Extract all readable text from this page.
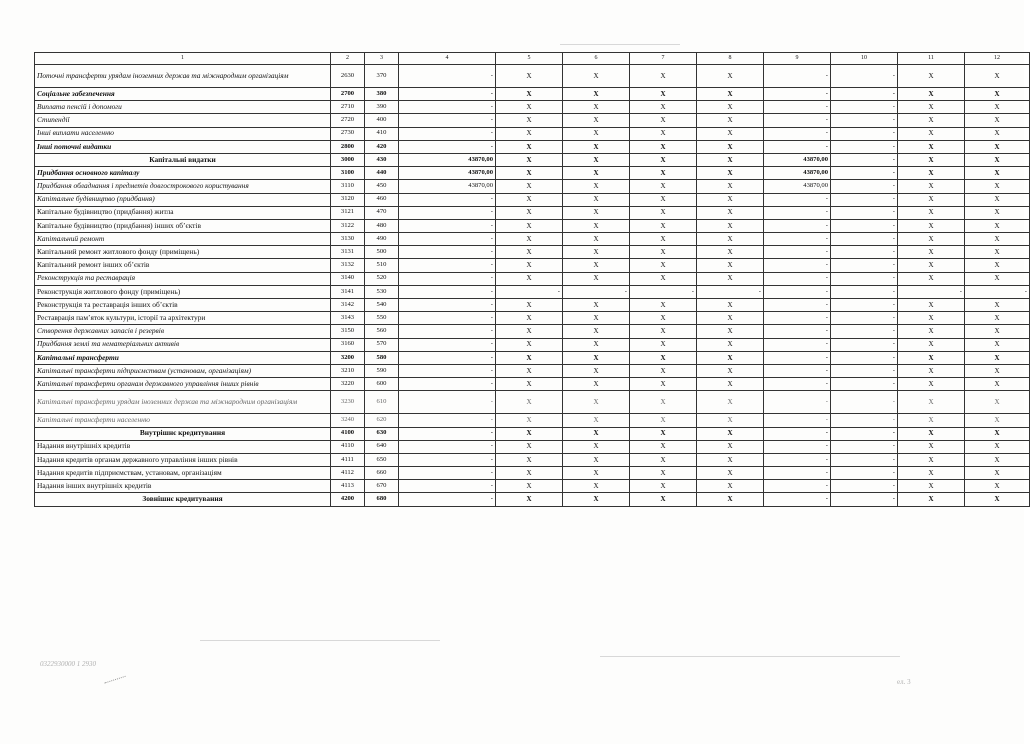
1	2	3	4	5	6	7	8	9	10	11	12
Поточні трансферти урядам іноземних держав та міжнародним організаціям	2630	370	-	X	X	X	X	-	-	X	X
Соціальне забезпечення	2700	380	-	X	X	X	X	-	-	X	X
Виплата пенсій і допомоги	2710	390	-	X	X	X	X	-	-	X	X
Стипендії	2720	400	-	X	X	X	X	-	-	X	X
Інші виплати населенню	2730	410	-	X	X	X	X	-	-	X	X
Інші поточні видатки	2800	420	-	X	X	X	X	-	-	X	X
Капітальні видатки	3000	430	43870,00	X	X	X	X	43870,00	-	X	X
Придбання основного капіталу	3100	440	43870,00	X	X	X	X	43870,00	-	X	X
Придбання обладнання і предметів довгострокового користування	3110	450	43870,00	X	X	X	X	43870,00	-	X	X
Капітальне будівництво (придбання)	3120	460	-	X	X	X	X	-	-	X	X
Капітальне будівництво (придбання) житла	3121	470	-	X	X	X	X	-	-	X	X
Капітальне будівництво (придбання) інших об’єктів	3122	480	-	X	X	X	X	-	-	X	X
Капітальний ремонт	3130	490	-	X	X	X	X	-	-	X	X
Капітальний ремонт житлового фонду (приміщень)	3131	500	-	X	X	X	X	-	-	X	X
Капітальний ремонт інших об’єктів	3132	510	-	X	X	X	X	-	-	X	X
Реконструкція та реставрація	3140	520	-	X	X	X	X	-	-	X	X
Реконструкція житлового фонду (приміщень)	3141	530	-	-	-	-	-	-	-	-	-
Реконструкція та реставрація інших об’єктів	3142	540	-	X	X	X	X	-	-	X	X
Реставрація пам’яток культури, історії та архітектури	3143	550	-	X	X	X	X	-	-	X	X
Створення державних запасів і резервів	3150	560	-	X	X	X	X	-	-	X	X
Придбання землі та нематеріальних активів	3160	570	-	X	X	X	X	-	-	X	X
Капітальні трансферти	3200	580	-	X	X	X	X	-	-	X	X
Капітальні трансферти підприємствам (установам, організаціям)	3210	590	-	X	X	X	X	-	-	X	X
Капітальні трансферти органам державного управління інших рівнів	3220	600	-	X	X	X	X	-	-	X	X
Капітальні трансферти урядам іноземних держав та міжнародним організаціям	3230	610	-	X	X	X	X	-	-	X	X
Капітальні трансферти населенню	3240	620	-	X	X	X	X	-	-	X	X
Внутрішнє кредитування	4100	630	-	X	X	X	X	-	-	X	X
Надання внутрішніх кредитів	4110	640	-	X	X	X	X	-	-	X	X
Надання кредитів органам державного управління інших рівнів	4111	650	-	X	X	X	X	-	-	X	X
Надання кредитів підприємствам, установам, організаціям	4112	660	-	X	X	X	X	-	-	X	X
Надання інших внутрішніх кредитів	4113	670	-	X	X	X	X	-	-	X	X
Зовнішнє кредитування	4200	680	-	X	X	X	X	-	-	X	X
0322930000 1 2930
ел. 3
